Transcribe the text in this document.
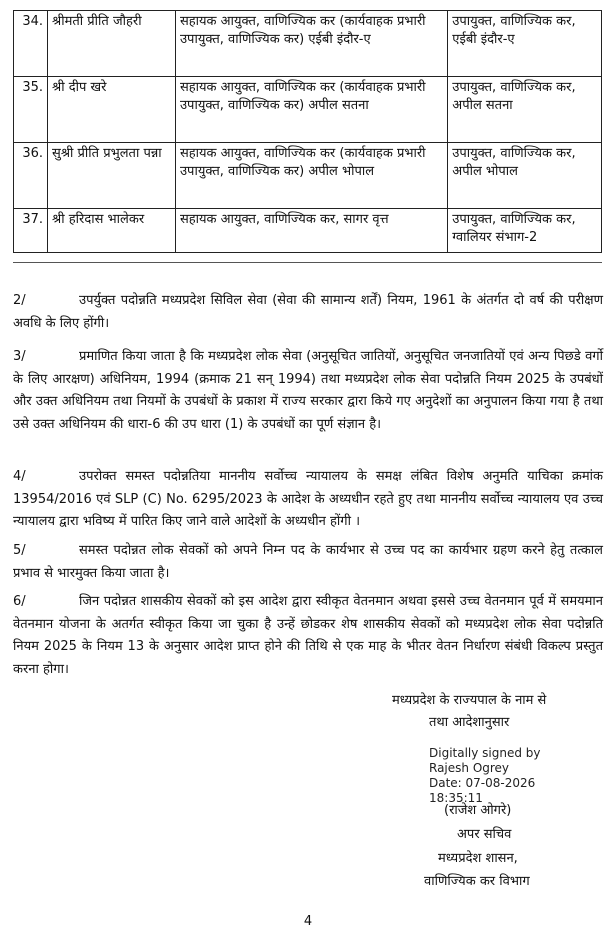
34.	श्रीमती प्रीति जौहरी	सहायक आयुक्त, वाणिज्यिक कर (कार्यवाहक प्रभारी उपायुक्त, वाणिज्यिक कर) एईबी इंदौर-ए	उपायुक्त, वाणिज्यिक कर, एईबी इंदौर-ए
35.	श्री दीप खरे	सहायक आयुक्त, वाणिज्यिक कर (कार्यवाहक प्रभारी उपायुक्त, वाणिज्यिक कर) अपील सतना	उपायुक्त, वाणिज्यिक कर, अपील सतना
36.	सुश्री प्रीति प्रभुलता पन्ना	सहायक आयुक्त, वाणिज्यिक कर (कार्यवाहक प्रभारी उपायुक्त, वाणिज्यिक कर) अपील भोपाल	उपायुक्त, वाणिज्यिक कर, अपील भोपाल
37.	श्री हरिदास भालेकर	सहायक आयुक्त, वाणिज्यिक कर, सागर वृत्त	उपायुक्त, वाणिज्यिक कर, ग्वालियर संभाग-2
2/	उपर्युक्त पदोन्नति मध्यप्रदेश सिविल सेवा (सेवा की सामान्य शर्तें) नियम, 1961 के अंतर्गत दो वर्ष की परीक्षण अवधि के लिए होंगी।
3/	प्रमाणित किया जाता है कि मध्यप्रदेश लोक सेवा (अनुसूचित जातियों, अनुसूचित जनजातियों एवं अन्य पिछडे वर्गो के लिए आरक्षण) अधिनियम, 1994 (क्रमाक 21 सन् 1994) तथा मध्यप्रदेश लोक सेवा पदोन्नति नियम 2025 के उपबंधों और उक्त अधिनियम तथा नियमों के उपबंधों के प्रकाश में राज्य सरकार द्वारा किये गए अनुदेशों का अनुपालन किया गया है तथा उसे उक्त अधिनियम की धारा-6 की उप धारा (1) के उपबंधों का पूर्ण संज्ञान है।
4/	उपरोक्त समस्त पदोन्नतिया माननीय सर्वोच्च न्यायालय के समक्ष लंबित विशेष अनुमति याचिका क्रमांक 13954/2016 एवं SLP (C) No. 6295/2023 के आदेश के अध्यधीन रहते हुए तथा माननीय सर्वोच्च न्यायालय एव उच्च न्यायालय द्वारा भविष्य में पारित किए जाने वाले आदेशों के अध्यधीन होंगी ।
5/	समस्त पदोन्नत लोक सेवकों को अपने निम्न पद के कार्यभार से उच्च पद का कार्यभार ग्रहण करने हेतु तत्काल प्रभाव से भारमुक्त किया जाता है।
6/	जिन पदोन्नत शासकीय सेवकों को इस आदेश द्वारा स्वीकृत वेतनमान अथवा इससे उच्च वेतनमान पूर्व में समयमान वेतनमान योजना के अतर्गत स्वीकृत किया जा चुका है उन्हें छोडकर शेष शासकीय सेवकों को मध्यप्रदेश लोक सेवा पदोन्नति नियम 2025 के नियम 13 के अनुसार आदेश प्राप्त होने की तिथि से एक माह के भीतर वेतन निर्धारण संबंधी विकल्प प्रस्तुत करना होगा।
मध्यप्रदेश के राज्यपाल के नाम से
तथा आदेशानुसार
Digitally signed by
Rajesh Ogrey
Date: 07-08-2026
18:35:11
(राजेश ओगरे)
अपर सचिव
मध्यप्रदेश शासन,
वाणिज्यिक कर विभाग
4
